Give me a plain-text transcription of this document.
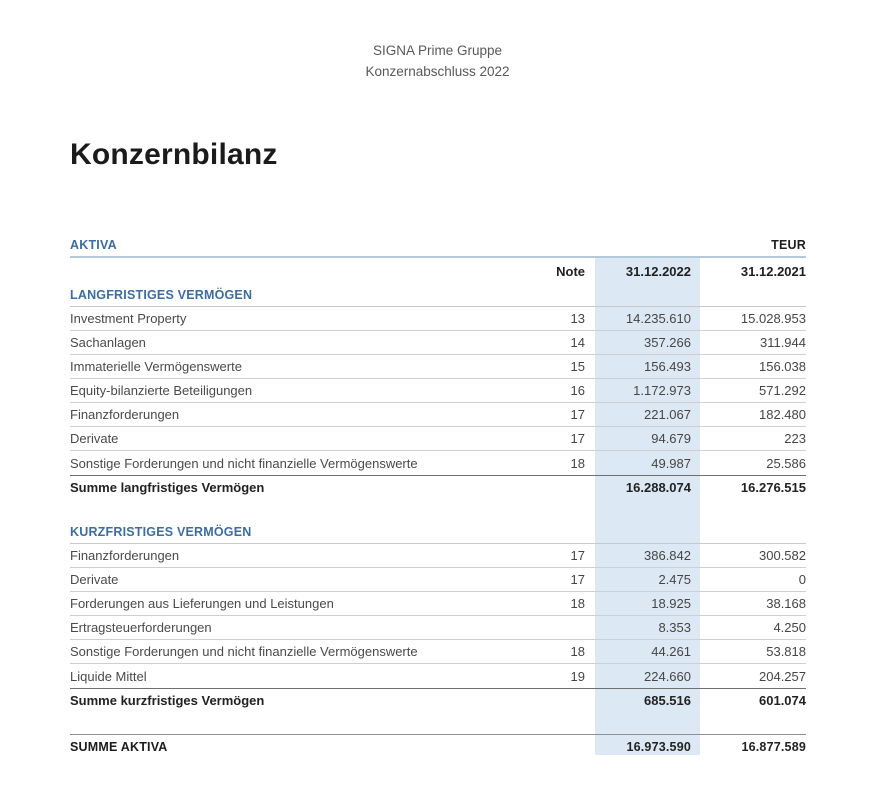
SIGNA Prime Gruppe
Konzernabschluss 2022
Konzernbilanz
AKTIVA	TEUR
Note	31.12.2022	31.12.2021
LANGFRISTIGES VERMÖGEN
Investment Property	13	14.235.610	15.028.953
Sachanlagen	14	357.266	311.944
Immaterielle Vermögenswerte	15	156.493	156.038
Equity-bilanzierte Beteiligungen	16	1.172.973	571.292
Finanzforderungen	17	221.067	182.480
Derivate	17	94.679	223
Sonstige Forderungen und nicht finanzielle Vermögenswerte	18	49.987	25.586
Summe langfristiges Vermögen	16.288.074	16.276.515
KURZFRISTIGES VERMÖGEN
Finanzforderungen	17	386.842	300.582
Derivate	17	2.475	0
Forderungen aus Lieferungen und Leistungen	18	18.925	38.168
Ertragsteuerforderungen	8.353	4.250
Sonstige Forderungen und nicht finanzielle Vermögenswerte	18	44.261	53.818
Liquide Mittel	19	224.660	204.257
Summe kurzfristiges Vermögen	685.516	601.074
SUMME AKTIVA	16.973.590	16.877.589
